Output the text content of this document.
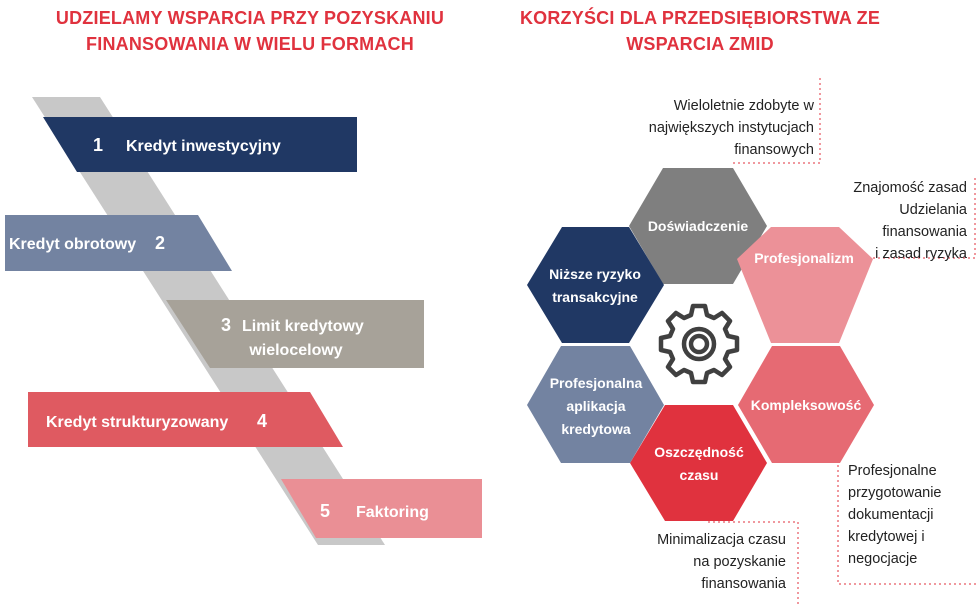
UDZIELAMY WSPARCIA PRZY POZYSKANIU
FINANSOWANIA W WIELU FORMACH
KORZYŚCI DLA PRZEDSIĘBIORSTWA ZE
WSPARCIA ZMID
1 Kredyt inwestycyjny
Kredyt obrotowy 2
3 Limit kredytowy
wielocelowy
Kredyt strukturyzowany 4
5 Faktoring
Doświadczenie
Profesjonalizm
Kompleksowość
Oszczędność
czasu
Profesjonalna
aplikacja
kredytowa
Niższe ryzyko
transakcyjne
Wieloletnie zdobyte w
największych instytucjach
finansowych
Znajomość zasad
Udzielania
finansowania
i zasad ryzyka
Minimalizacja czasu
na pozyskanie
finansowania
Profesjonalne
przygotowanie
dokumentacji
kredytowej i
negocjacje
